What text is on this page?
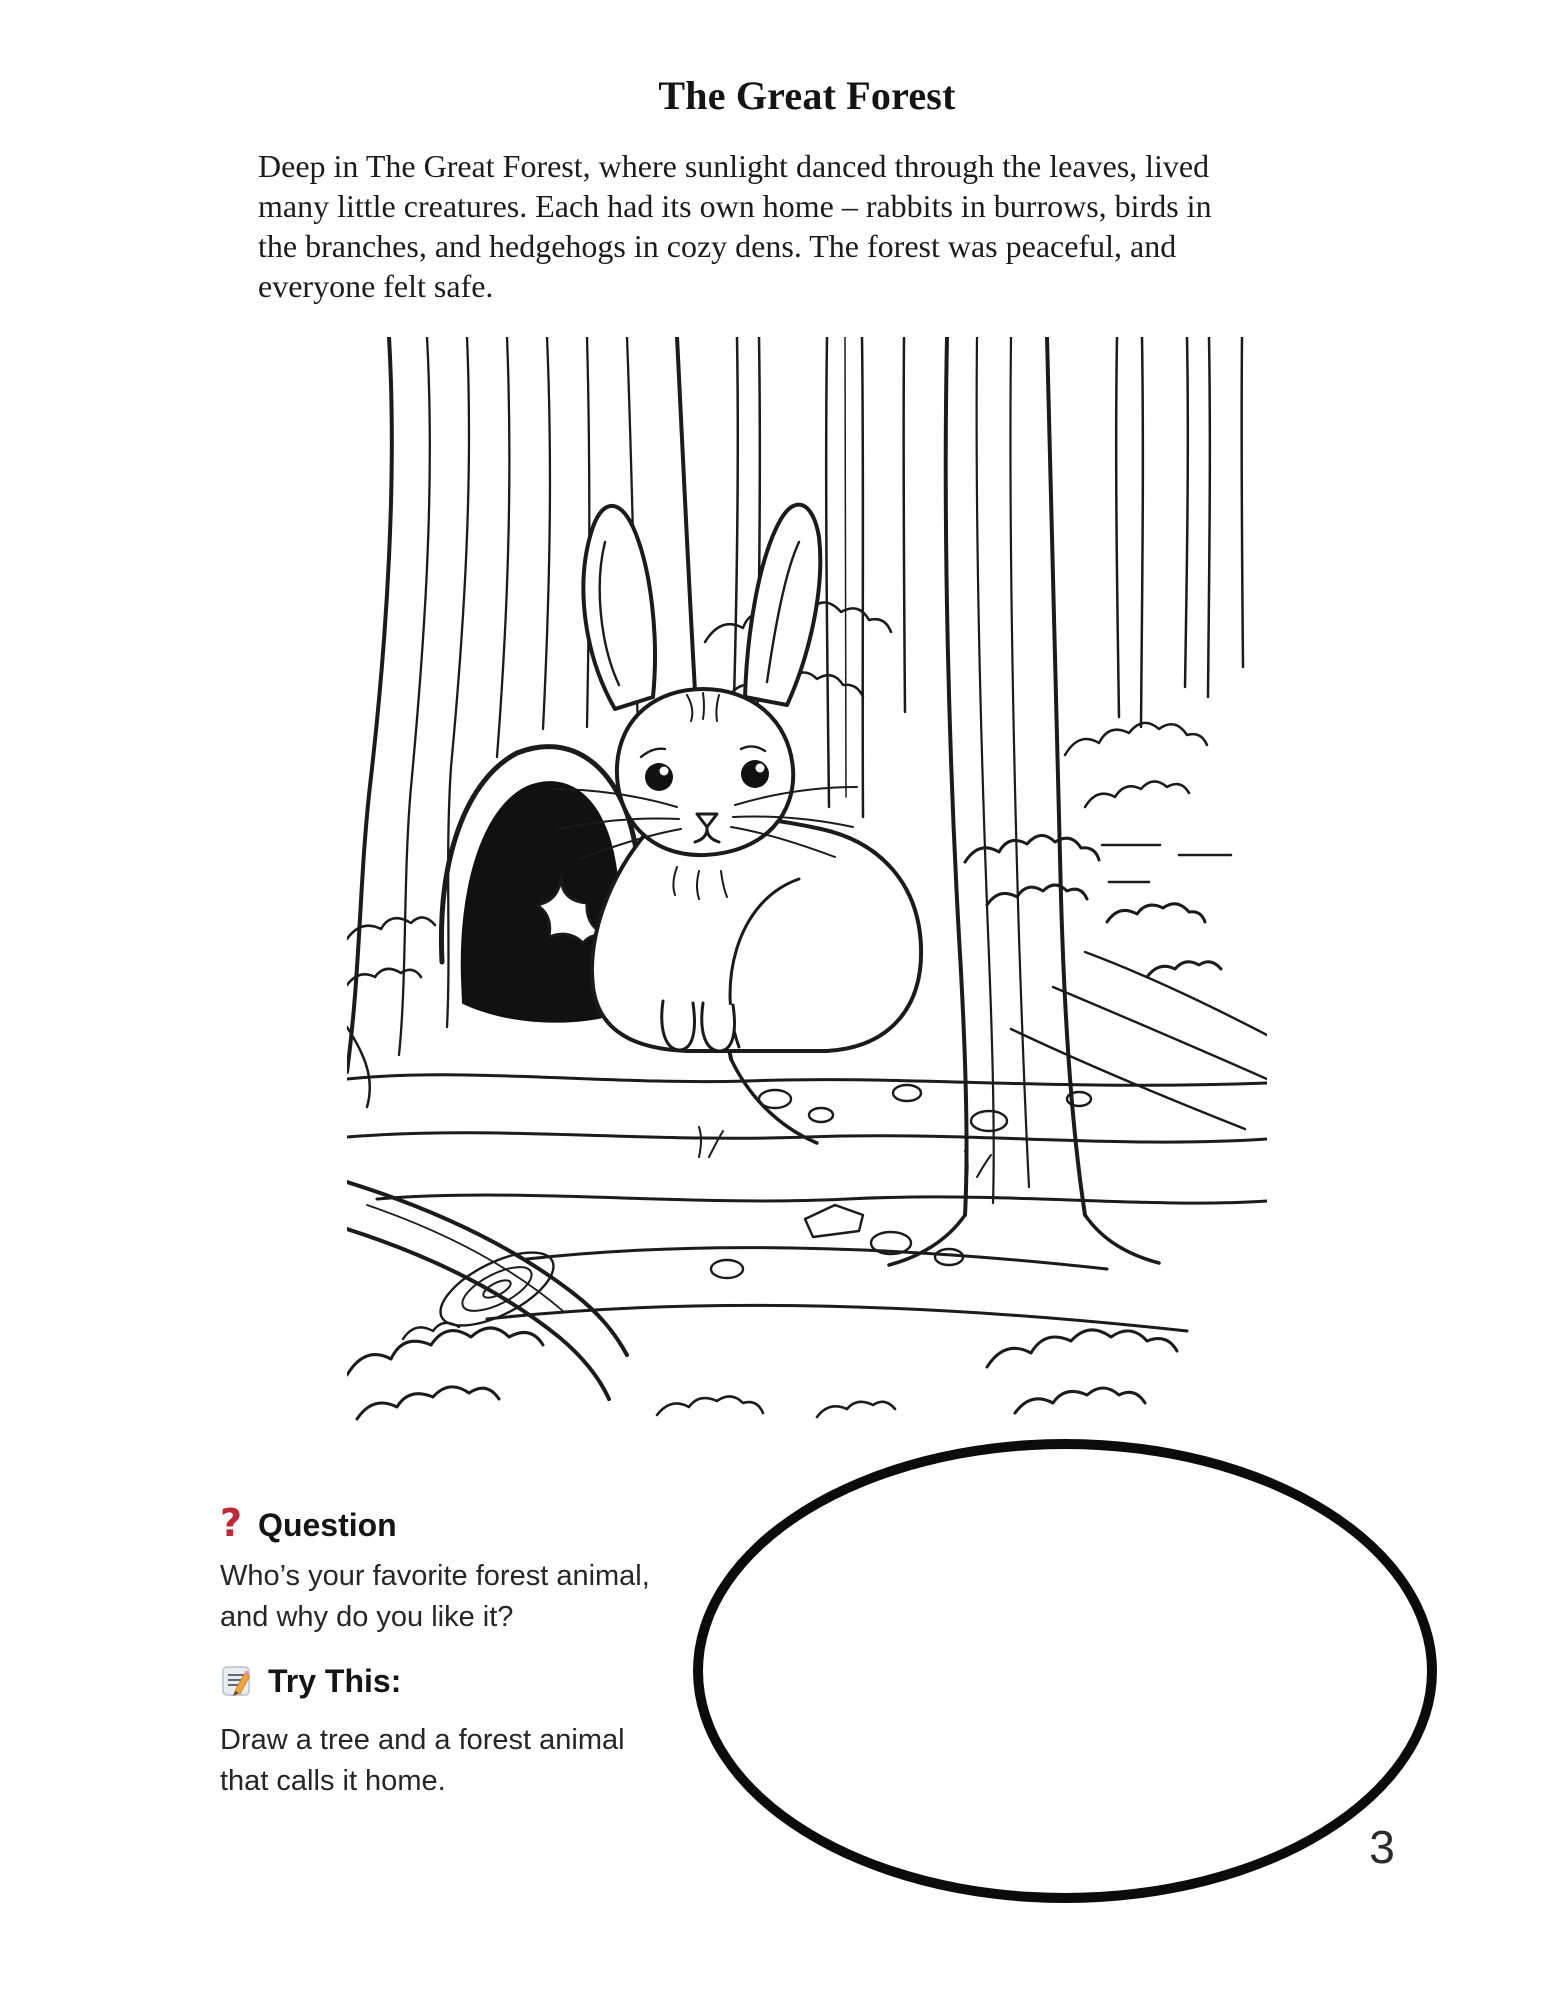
The Great Forest
Deep in The Great Forest, where sunlight danced through the leaves, lived
many little creatures. Each had its own home – rabbits in burrows, birds in
the branches, and hedgehogs in cozy dens. The forest was peaceful, and
everyone felt safe.
? Question
Who’s your favorite forest animal,
and why do you like it?
Try This:
Draw a tree and a forest animal
that calls it home.
3
